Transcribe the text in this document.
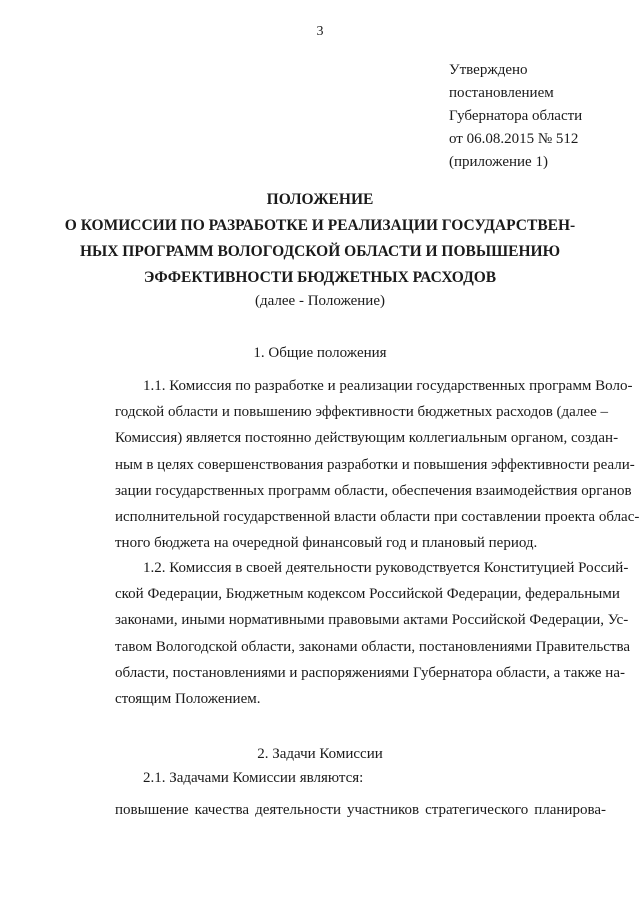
3
Утверждено
постановлением
Губернатора области
от 06.08.2015 № 512
(приложение 1)
ПОЛОЖЕНИЕ
О КОМИССИИ ПО РАЗРАБОТКЕ И РЕАЛИЗАЦИИ ГОСУДАРСТВЕН-
НЫХ ПРОГРАММ ВОЛОГОДСКОЙ ОБЛАСТИ И ПОВЫШЕНИЮ
ЭФФЕКТИВНОСТИ БЮДЖЕТНЫХ РАСХОДОВ
(далее - Положение)
1. Общие положения
1.1. Комиссия по разработке и реализации государственных программ Воло-
годской области и повышению эффективности бюджетных расходов (далее –
Комиссия) является постоянно действующим коллегиальным органом, создан-
ным в целях совершенствования разработки и повышения эффективности реали-
зации государственных программ области, обеспечения взаимодействия органов
исполнительной государственной власти области при составлении проекта облас-
тного бюджета на очередной финансовый год и плановый период.
1.2. Комиссия в своей деятельности руководствуется Конституцией Россий-
ской Федерации, Бюджетным кодексом Российской Федерации, федеральными
законами, иными нормативными правовыми актами Российской Федерации, Ус-
тавом Вологодской области, законами области, постановлениями Правительства
области, постановлениями и распоряжениями Губернатора области, а также на-
стоящим Положением.
2. Задачи Комиссии
2.1. Задачами Комиссии являются:
повышение качества деятельности участников стратегического планирова-
